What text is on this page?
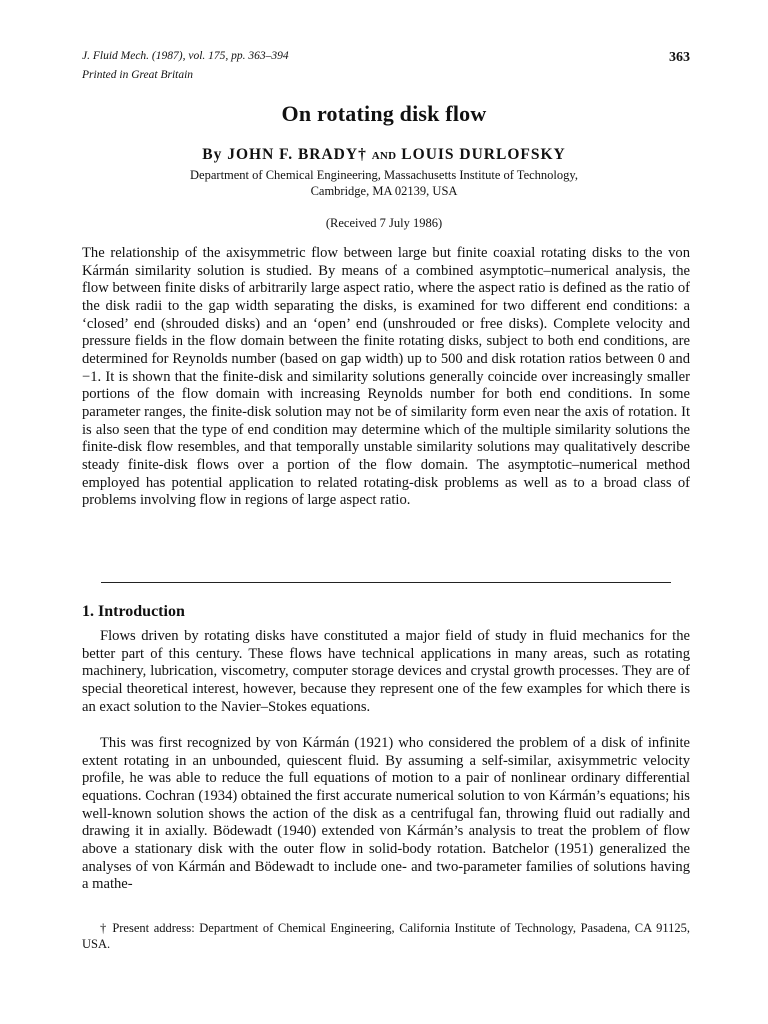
J. Fluid Mech. (1987), vol. 175, pp. 363–394
Printed in Great Britain
363
On rotating disk flow
By JOHN F. BRADY† AND LOUIS DURLOFSKY
Department of Chemical Engineering, Massachusetts Institute of Technology,
Cambridge, MA 02139, USA
(Received 7 July 1986)
The relationship of the axisymmetric flow between large but finite coaxial rotating disks to the von Kármán similarity solution is studied. By means of a combined asymptotic–numerical analysis, the flow between finite disks of arbitrarily large aspect ratio, where the aspect ratio is defined as the ratio of the disk radii to the gap width separating the disks, is examined for two different end conditions: a ‘closed’ end (shrouded disks) and an ‘open’ end (unshrouded or free disks). Complete velocity and pressure fields in the flow domain between the finite rotating disks, subject to both end conditions, are determined for Reynolds number (based on gap width) up to 500 and disk rotation ratios between 0 and −1. It is shown that the finite-disk and similarity solutions generally coincide over increasingly smaller portions of the flow domain with increasing Reynolds number for both end conditions. In some parameter ranges, the finite-disk solution may not be of similarity form even near the axis of rotation. It is also seen that the type of end condition may determine which of the multiple similarity solutions the finite-disk flow resembles, and that temporally unstable similarity solutions may qualitatively describe steady finite-disk flows over a portion of the flow domain. The asymptotic–numerical method employed has potential application to related rotating-disk problems as well as to a broad class of problems involving flow in regions of large aspect ratio.
1. Introduction

Flows driven by rotating disks have constituted a major field of study in fluid mechanics for the better part of this century. These flows have technical applications in many areas, such as rotating machinery, lubrication, viscometry, computer storage devices and crystal growth processes. They are of special theoretical interest, however, because they represent one of the few examples for which there is an exact solution to the Navier–Stokes equations.

This was first recognized by von Kármán (1921) who considered the problem of a disk of infinite extent rotating in an unbounded, quiescent fluid. By assuming a self-similar, axisymmetric velocity profile, he was able to reduce the full equations of motion to a pair of nonlinear ordinary differential equations. Cochran (1934) obtained the first accurate numerical solution to von Kármán’s equations; his well-known solution shows the action of the disk as a centrifugal fan, throwing fluid out radially and drawing it in axially. Bödewadt (1940) extended von Kármán’s analysis to treat the problem of flow above a stationary disk with the outer flow in solid-body rotation. Batchelor (1951) generalized the analyses of von Kármán and Bödewadt to include one- and two-parameter families of solutions having a mathe-

† Present address: Department of Chemical Engineering, California Institute of Technology, Pasadena, CA 91125, USA.
